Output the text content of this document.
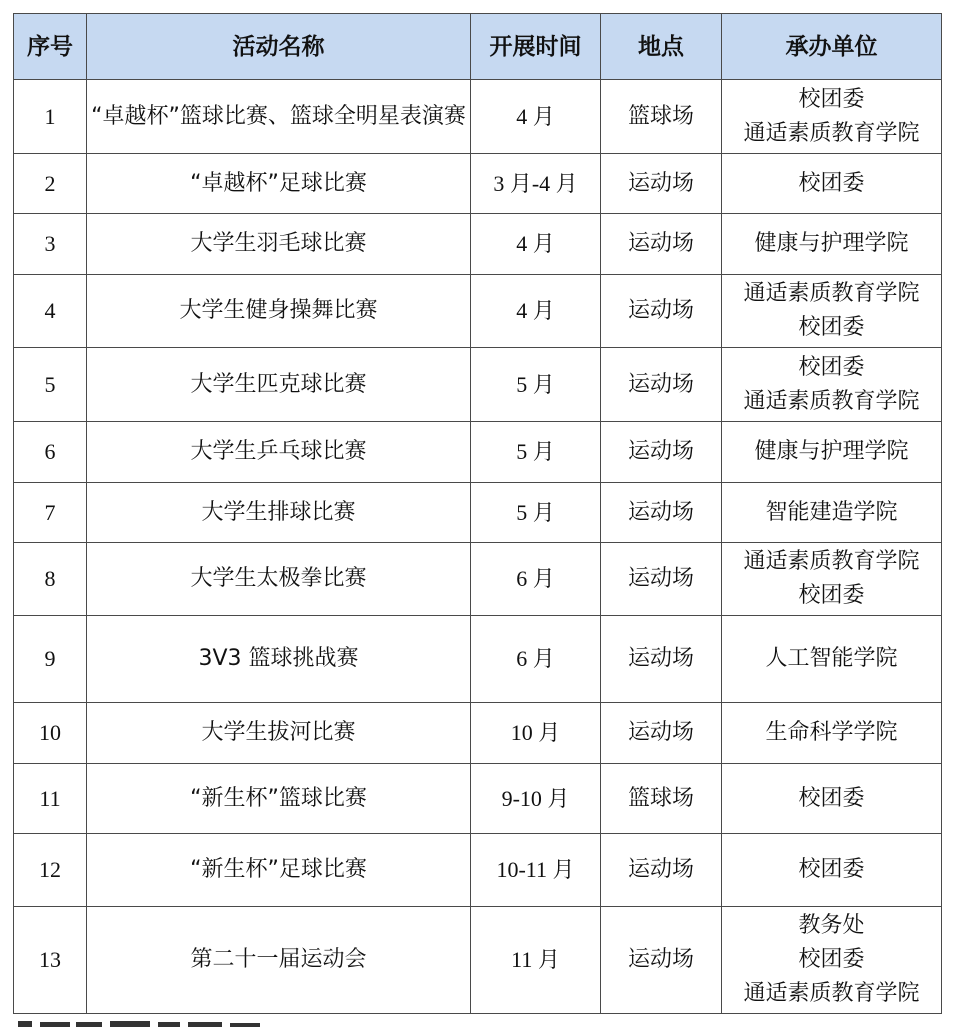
序号	活动名称	开展时间	地点	承办单位
1	“卓越杯”篮球比赛、篮球全明星表演赛	4 月	篮球场	校团委
通适素质教育学院

2	“卓越杯”足球比赛	3 月-4 月	运动场	校团委

3	大学生羽毛球比赛	4 月	运动场	健康与护理学院

4	大学生健身操舞比赛	4 月	运动场	通适素质教育学院
校团委

5	大学生匹克球比赛	5 月	运动场	校团委
通适素质教育学院

6	大学生乒乓球比赛	5 月	运动场	健康与护理学院

7	大学生排球比赛	5 月	运动场	智能建造学院

8	大学生太极拳比赛	6 月	运动场	通适素质教育学院
校团委

9	3V3 篮球挑战赛	6 月	运动场	人工智能学院

10	大学生拔河比赛	10 月	运动场	生命科学学院

11	“新生杯”篮球比赛	9-10 月	篮球场	校团委

12	“新生杯”足球比赛	10-11 月	运动场	校团委

13	第二十一届运动会	11 月	运动场	教务处
校团委
通适素质教育学院
